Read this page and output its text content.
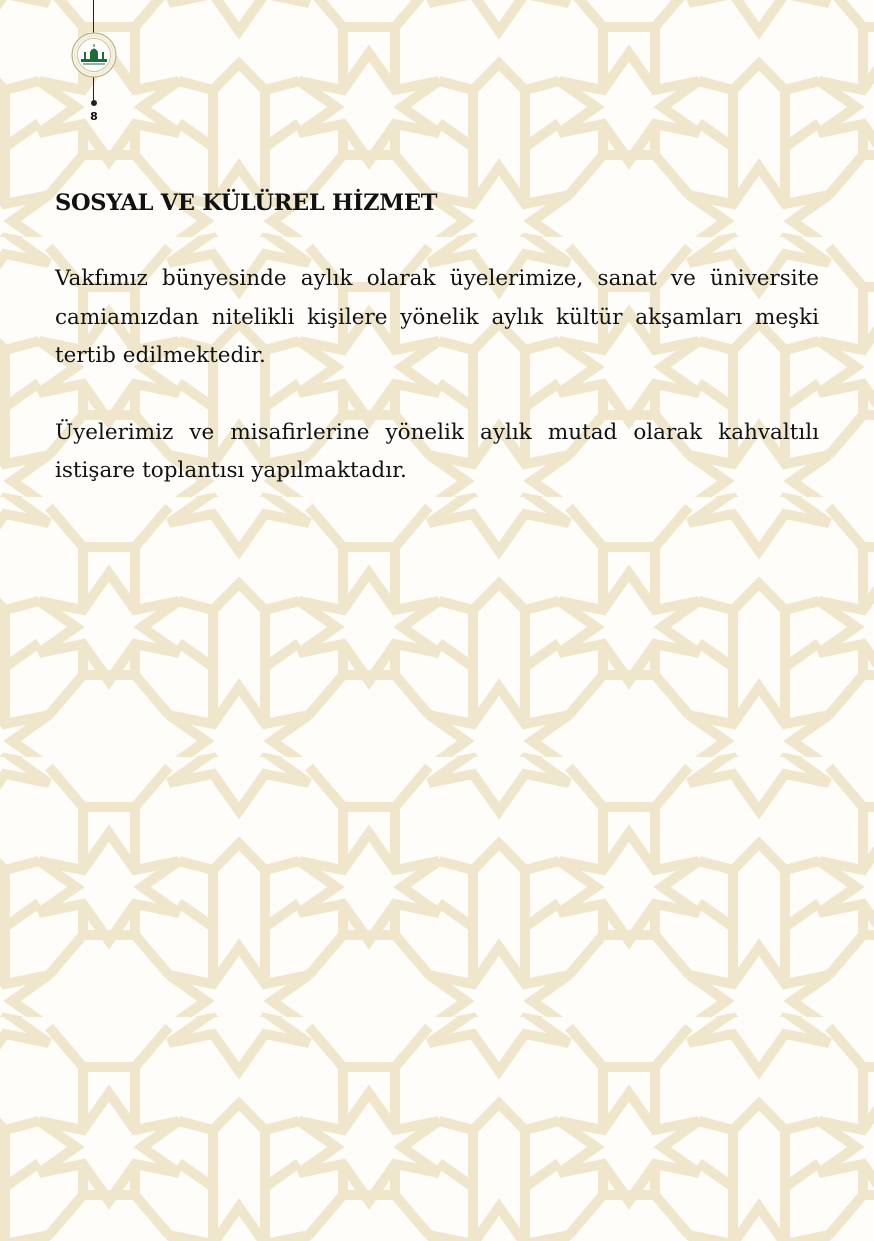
8
SOSYAL VE KÜLÜREL HİZMET

Vakfımız bünyesinde aylık olarak üyelerimize, sanat ve üniversite camiamızdan nitelikli kişilere yönelik aylık kültür akşamları meşki tertib edilmektedir.

Üyelerimiz ve misafirlerine yönelik aylık mutad olarak kahvaltılı istişare toplantısı yapılmaktadır.
